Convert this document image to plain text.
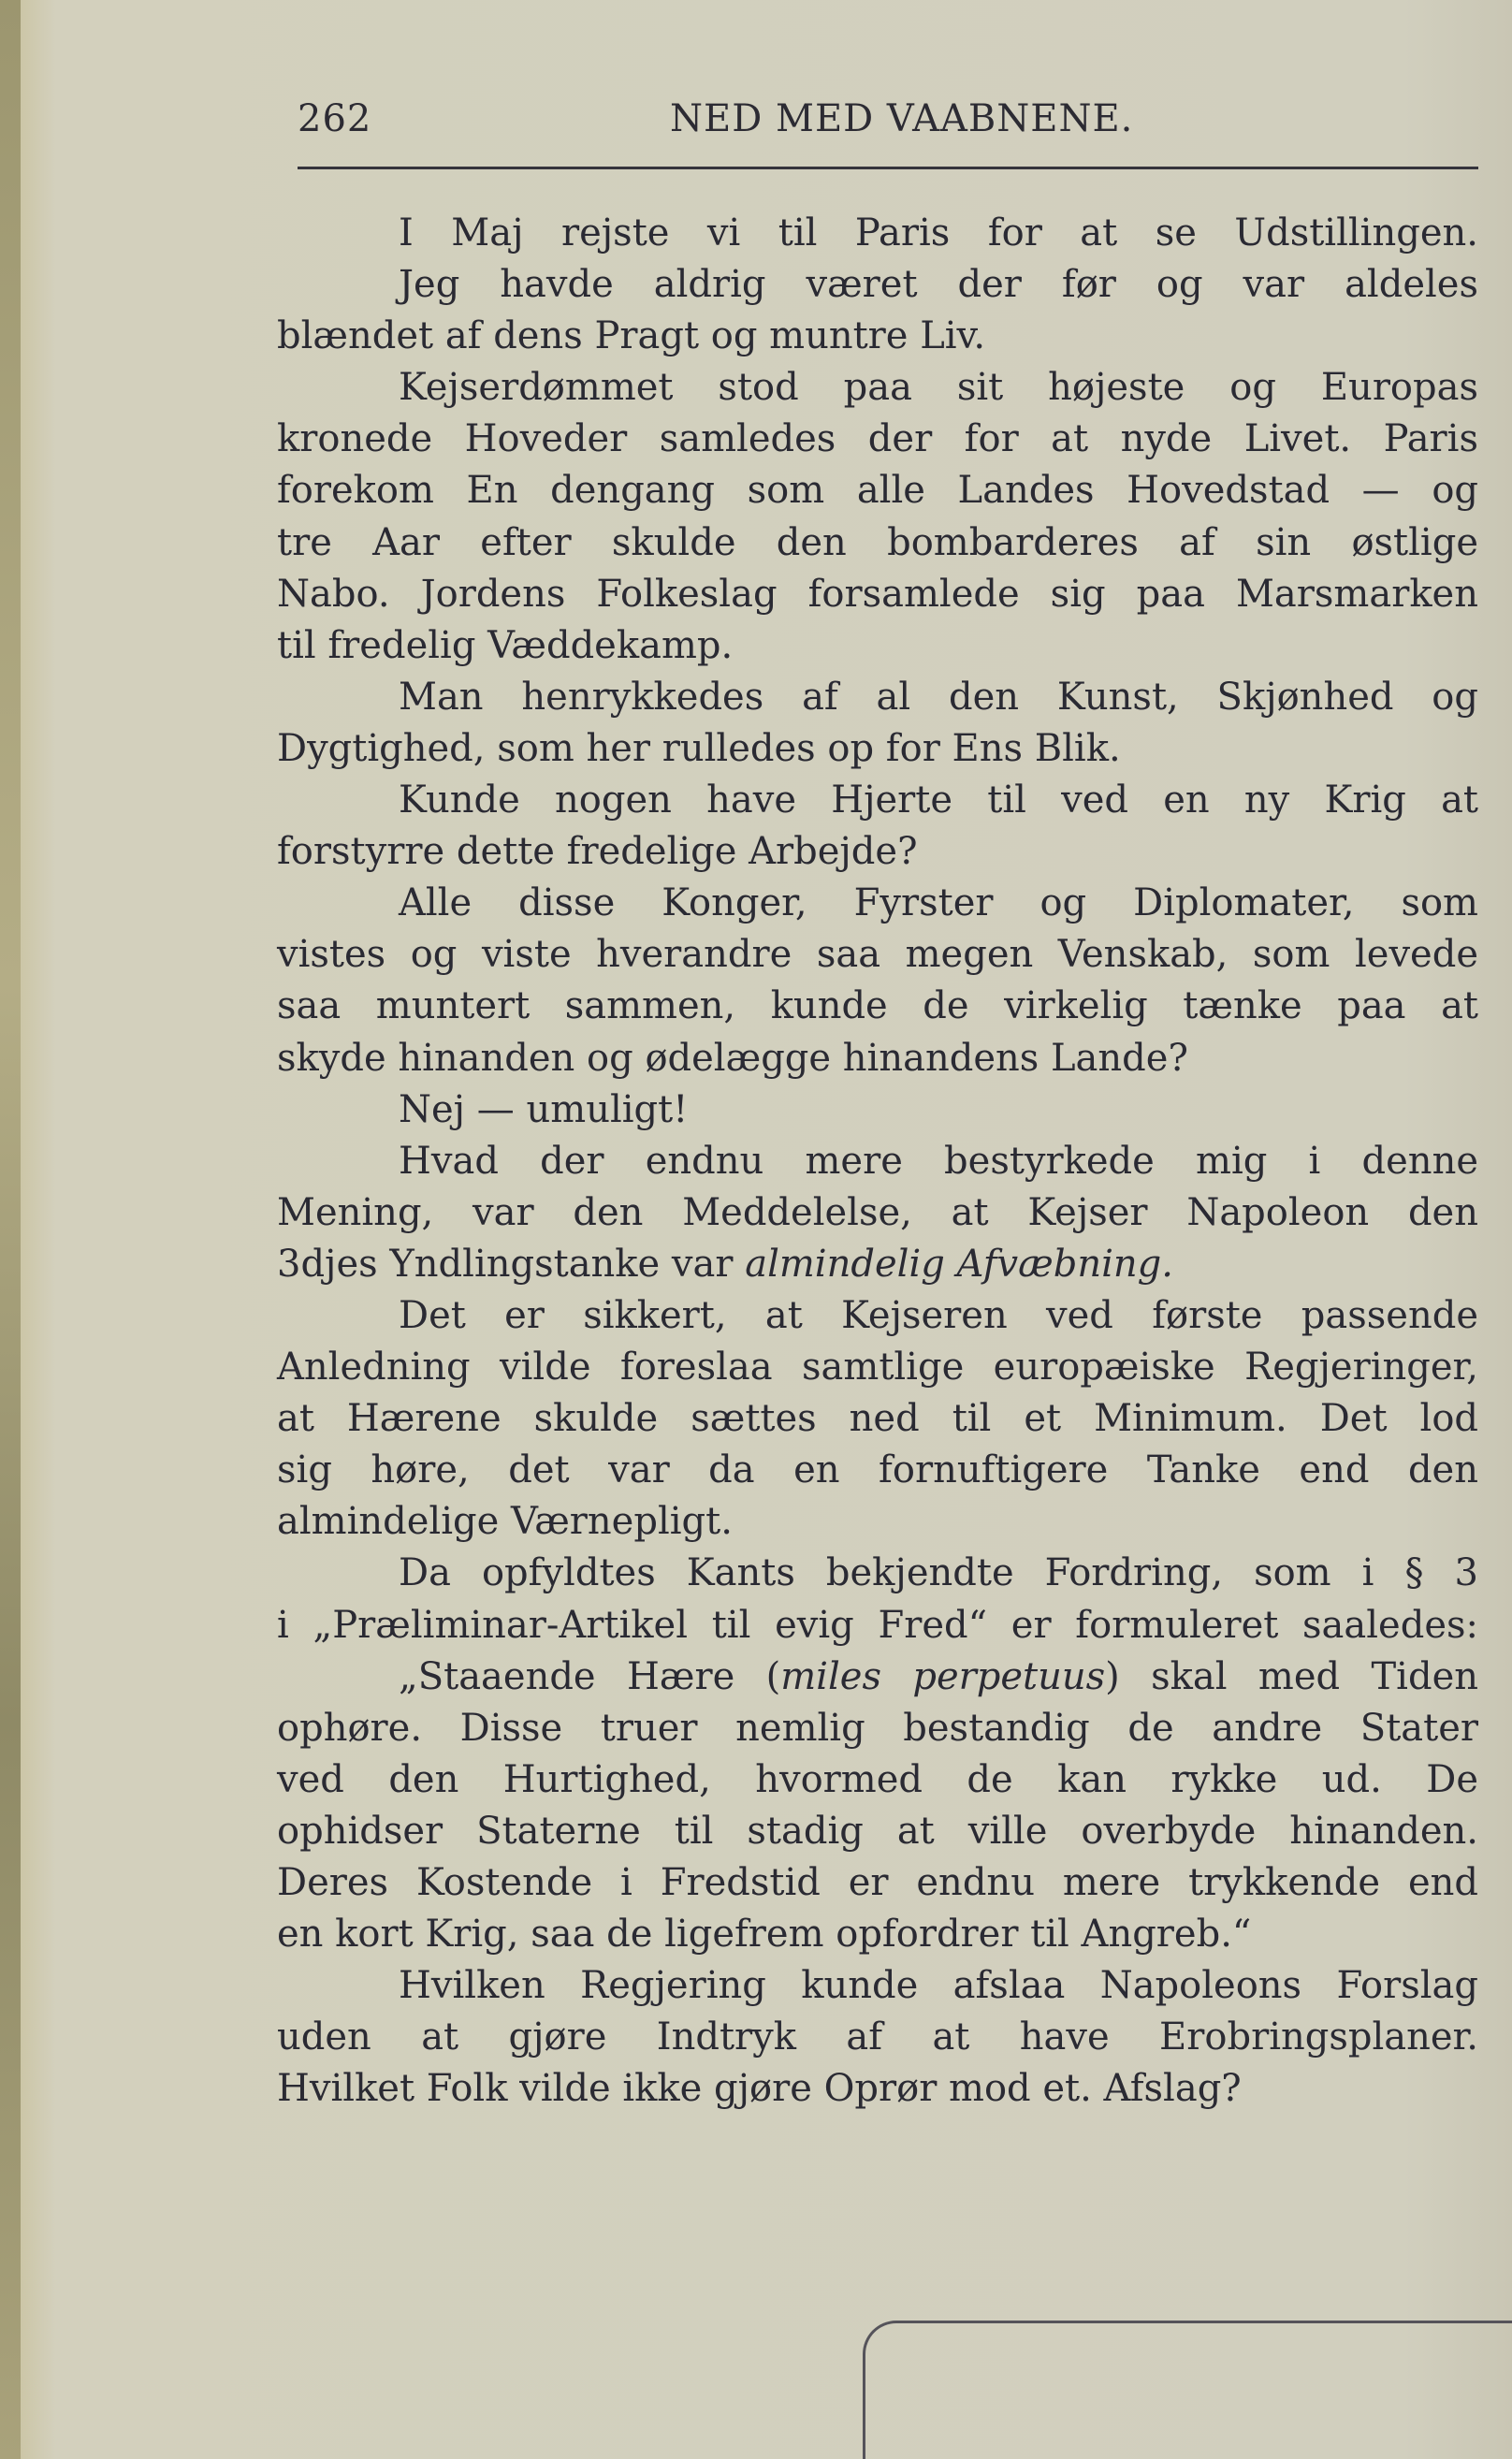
262	NED MED VAABNENE.
I Maj rejste vi til Paris for at se Udstillingen.
Jeg havde aldrig været der før og var aldeles
blændet af dens Pragt og muntre Liv.
Kejserdømmet stod paa sit højeste og Europas
kronede Hoveder samledes der for at nyde Livet. Paris
forekom En dengang som alle Landes Hovedstad — og
tre Aar efter skulde den bombarderes af sin østlige
Nabo. Jordens Folkeslag forsamlede sig paa Marsmarken
til fredelig Væddekamp.
Man henrykkedes af al den Kunst, Skjønhed og
Dygtighed, som her rulledes op for Ens Blik.
Kunde nogen have Hjerte til ved en ny Krig at
forstyrre dette fredelige Arbejde?
Alle disse Konger, Fyrster og Diplomater, som
vistes og viste hverandre saa megen Venskab, som levede
saa muntert sammen, kunde de virkelig tænke paa at
skyde hinanden og ødelægge hinandens Lande?
Nej — umuligt!
Hvad der endnu mere bestyrkede mig i denne
Mening, var den Meddelelse, at Kejser Napoleon den
3djes Yndlingstanke var almindelig Afvæbning.
Det er sikkert, at Kejseren ved første passende
Anledning vilde foreslaa samtlige europæiske Regjeringer,
at Hærene skulde sættes ned til et Minimum. Det lod
sig høre, det var da en fornuftigere Tanke end den
almindelige Værnepligt.
Da opfyldtes Kants bekjendte Fordring, som i § 3
i „Præliminar-Artikel til evig Fred“ er formuleret saaledes:
„Staaende Hære (miles perpetuus) skal med Tiden
ophøre. Disse truer nemlig bestandig de andre Stater
ved den Hurtighed, hvormed de kan rykke ud. De
ophidser Staterne til stadig at ville overbyde hinanden.
Deres Kostende i Fredstid er endnu mere trykkende end
en kort Krig, saa de ligefrem opfordrer til Angreb.“
Hvilken Regjering kunde afslaa Napoleons Forslag
uden at gjøre Indtryk af at have Erobringsplaner.
Hvilket Folk vilde ikke gjøre Oprør mod et. Afslag?
